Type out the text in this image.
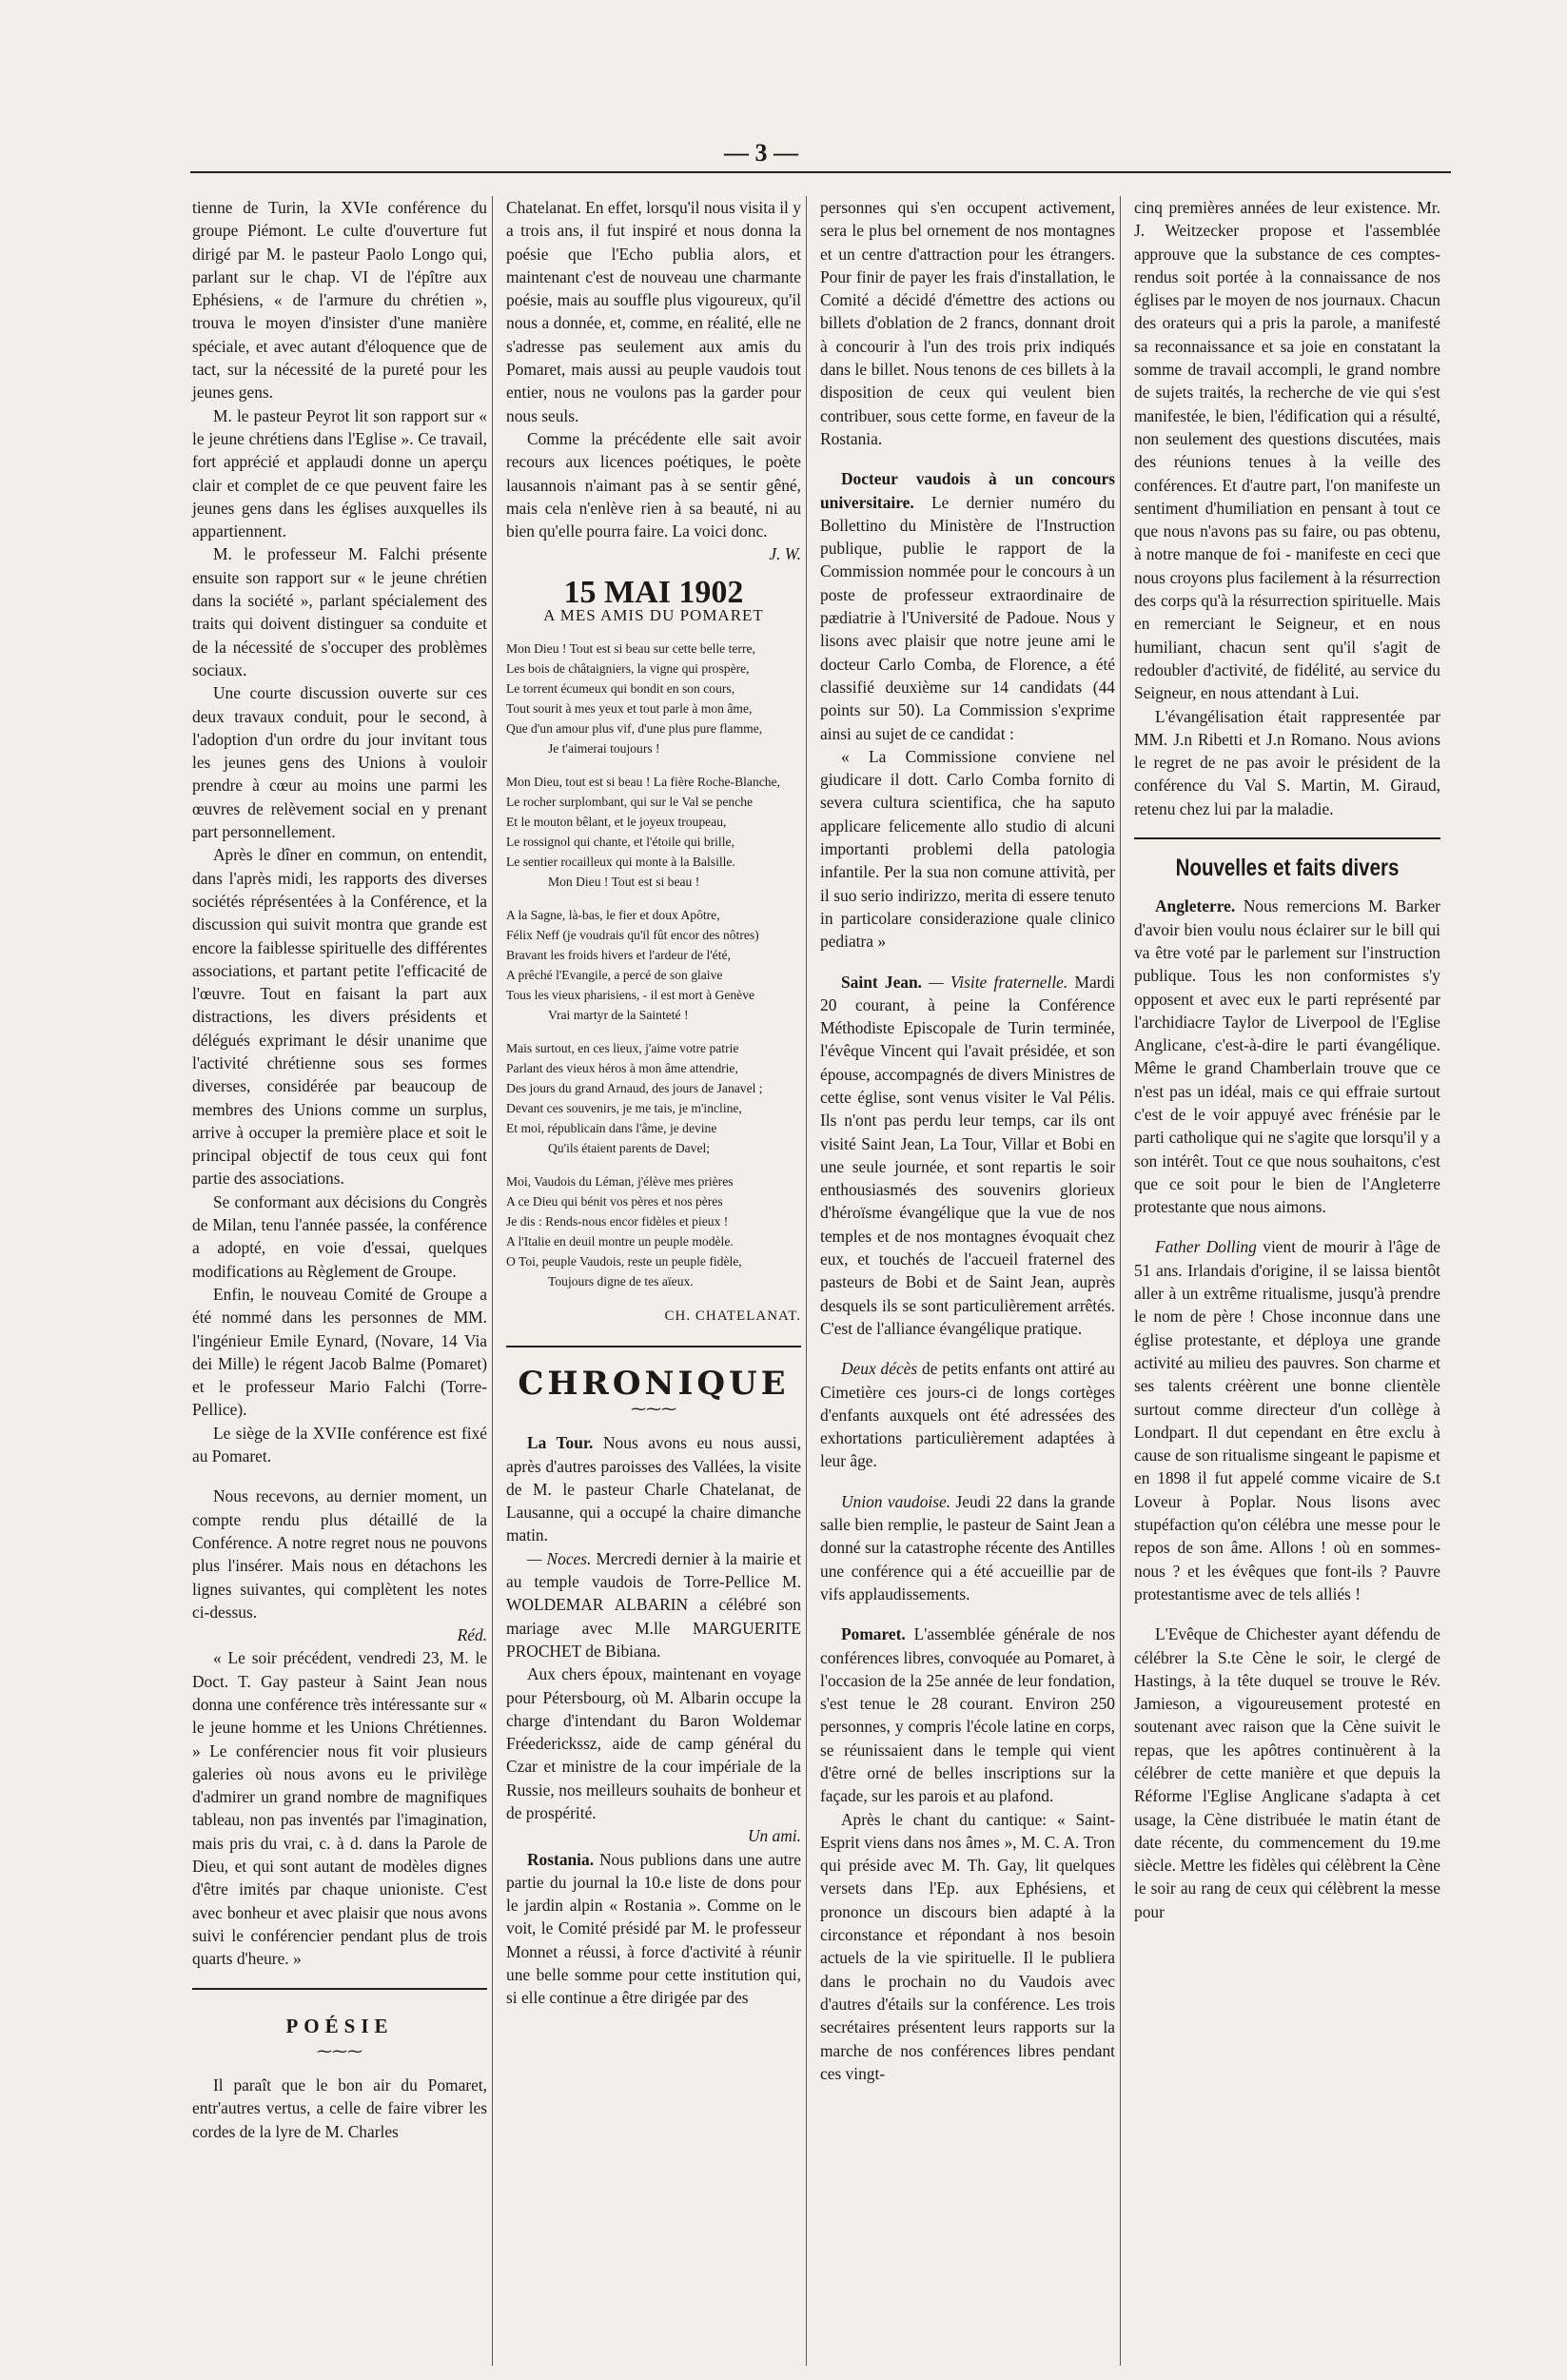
— 3 —

tienne de Turin, la XVIe conférence du groupe Piémont. Le culte d'ouverture fut dirigé par M. le pasteur Paolo Longo qui, parlant sur le chap. VI de l'épître aux Ephésiens, « de l'armure du chrétien », trouva le moyen d'insister d'une manière spéciale, et avec autant d'éloquence que de tact, sur la nécessité de la pureté pour les jeunes gens.

M. le pasteur Peyrot lit son rapport sur « le jeune chrétiens dans l'Eglise ». Ce travail, fort apprécié et applaudi donne un aperçu clair et complet de ce que peuvent faire les jeunes gens dans les églises auxquelles ils appartiennent.

M. le professeur M. Falchi présente ensuite son rapport sur « le jeune chrétien dans la société », parlant spécialement des traits qui doivent distinguer sa conduite et de la nécessité de s'occuper des problèmes sociaux.

Une courte discussion ouverte sur ces deux travaux conduit, pour le second, à l'adoption d'un ordre du jour invitant tous les jeunes gens des Unions à vouloir prendre à cœur au moins une parmi les œuvres de relèvement social en y prenant part personnellement.

Après le dîner en commun, on entendit, dans l'après midi, les rapports des diverses sociétés réprésentées à la Conférence, et la discussion qui suivit montra que grande est encore la faiblesse spirituelle des différentes associations, et partant petite l'efficacité de l'œuvre. Tout en faisant la part aux distractions, les divers présidents et délégués exprimant le désir unanime que l'activité chrétienne sous ses formes diverses, considérée par beaucoup de membres des Unions comme un surplus, arrive à occuper la première place et soit le principal objectif de tous ceux qui font partie des associations.

Se conformant aux décisions du Congrès de Milan, tenu l'année passée, la conférence a adopté, en voie d'essai, quelques modifications au Règlement de Groupe.

Enfin, le nouveau Comité de Groupe a été nommé dans les personnes de MM. l'ingénieur Emile Eynard, (Novare, 14 Via dei Mille) le régent Jacob Balme (Pomaret) et le professeur Mario Falchi (Torre-Pellice).

Le siège de la XVIIe conférence est fixé au Pomaret.

Nous recevons, au dernier moment, un compte rendu plus détaillé de la Conférence. A notre regret nous ne pouvons plus l'insérer. Mais nous en détachons les lignes suivantes, qui complètent les notes ci-dessus.

Réd.

« Le soir précédent, vendredi 23, M. le Doct. T. Gay pasteur à Saint Jean nous donna une conférence très intéressante sur « le jeune homme et les Unions Chrétiennes. » Le conférencier nous fit voir plusieurs galeries où nous avons eu le privilège d'admirer un grand nombre de magnifiques tableau, non pas inventés par l'imagination, mais pris du vrai, c. à d. dans la Parole de Dieu, et qui sont autant de modèles dignes d'être imités par chaque unioniste. C'est avec bonheur et avec plaisir que nous avons suivi le conférencier pendant plus de trois quarts d'heure. »

POÉSIE
⁓⁓⁓

Il paraît que le bon air du Pomaret, entr'autres vertus, a celle de faire vibrer les cordes de la lyre de M. Charles

Chatelanat. En effet, lorsqu'il nous visita il y a trois ans, il fut inspiré et nous donna la poésie que l'Echo publia alors, et maintenant c'est de nouveau une charmante poésie, mais au souffle plus vigoureux, qu'il nous a donnée, et, comme, en réalité, elle ne s'adresse pas seulement aux amis du Pomaret, mais aussi au peuple vaudois tout entier, nous ne voulons pas la garder pour nous seuls.

Comme la précédente elle sait avoir recours aux licences poétiques, le poète lausannois n'aimant pas à se sentir gêné, mais cela n'enlève rien à sa beauté, ni au bien qu'elle pourra faire. La voici donc.

J. W.
15 MAI 1902
A MES AMIS DU POMARET
Mon Dieu ! Tout est si beau sur cette belle terre,
Les bois de châtaigniers, la vigne qui prospère,
Le torrent écumeux qui bondit en son cours,
Tout sourit à mes yeux et tout parle à mon âme,
Que d'un amour plus vif, d'une plus pure flamme,
Je t'aimerai toujours !
Mon Dieu, tout est si beau ! La fière Roche-Blanche,
Le rocher surplombant, qui sur le Val se penche
Et le mouton bêlant, et le joyeux troupeau,
Le rossignol qui chante, et l'étoile qui brille,
Le sentier rocailleux qui monte à la Balsille.
Mon Dieu ! Tout est si beau !
A la Sagne, là-bas, le fier et doux Apôtre,
Félix Neff (je voudrais qu'il fût encor des nôtres)
Bravant les froids hivers et l'ardeur de l'été,
A prêché l'Evangile, a percé de son glaive
Tous les vieux pharisiens, - il est mort à Genève
Vrai martyr de la Sainteté !
Mais surtout, en ces lieux, j'aime votre patrie
Parlant des vieux héros à mon âme attendrie,
Des jours du grand Arnaud, des jours de Janavel ;
Devant ces souvenirs, je me tais, je m'incline,
Et moi, républicain dans l'âme, je devine
Qu'ils étaient parents de Davel;
Moi, Vaudois du Léman, j'élève mes prières
A ce Dieu qui bénit vos pères et nos pères
Je dis : Rends-nous encor fidèles et pieux !
A l'Italie en deuil montre un peuple modèle.
O Toi, peuple Vaudois, reste un peuple fidèle,
Toujours digne de tes aïeux.
CH. CHATELANAT.
CHRONIQUE
⁓⁓⁓

La Tour. Nous avons eu nous aussi, après d'autres paroisses des Vallées, la visite de M. le pasteur Charle Chatelanat, de Lausanne, qui a occupé la chaire dimanche matin.

— Noces. Mercredi dernier à la mairie et au temple vaudois de Torre-Pellice M. WOLDEMAR ALBARIN a célébré son mariage avec M.lle MARGUERITE PROCHET de Bibiana.

Aux chers époux, maintenant en voyage pour Pétersbourg, où M. Albarin occupe la charge d'intendant du Baron Woldemar Fréederickssz, aide de camp général du Czar et ministre de la cour impériale de la Russie, nos meilleurs souhaits de bonheur et de prospérité.

Un ami.

Rostania. Nous publions dans une autre partie du journal la 10.e liste de dons pour le jardin alpin « Rostania ». Comme on le voit, le Comité présidé par M. le professeur Monnet a réussi, à force d'activité à réunir une belle somme pour cette institution qui, si elle continue a être dirigée par des

personnes qui s'en occupent activement, sera le plus bel ornement de nos montagnes et un centre d'attraction pour les étrangers. Pour finir de payer les frais d'installation, le Comité a décidé d'émettre des actions ou billets d'oblation de 2 francs, donnant droit à concourir à l'un des trois prix indiqués dans le billet. Nous tenons de ces billets à la disposition de ceux qui veulent bien contribuer, sous cette forme, en faveur de la Rostania.

Docteur vaudois à un concours universitaire. Le dernier numéro du Bollettino du Ministère de l'Instruction publique, publie le rapport de la Commission nommée pour le concours à un poste de professeur extraordinaire de pædiatrie à l'Université de Padoue. Nous y lisons avec plaisir que notre jeune ami le docteur Carlo Comba, de Florence, a été classifié deuxième sur 14 candidats (44 points sur 50). La Commission s'exprime ainsi au sujet de ce candidat :

« La Commissione conviene nel giudicare il dott. Carlo Comba fornito di severa cultura scientifica, che ha saputo applicare felicemente allo studio di alcuni importanti problemi della patologia infantile. Per la sua non comune attività, per il suo serio indirizzo, merita di essere tenuto in particolare considerazione quale clinico pediatra »

Saint Jean. — Visite fraternelle. Mardi 20 courant, à peine la Conférence Méthodiste Episcopale de Turin terminée, l'évêque Vincent qui l'avait présidée, et son épouse, accompagnés de divers Ministres de cette église, sont venus visiter le Val Pélis. Ils n'ont pas perdu leur temps, car ils ont visité Saint Jean, La Tour, Villar et Bobi en une seule journée, et sont repartis le soir enthousiasmés des souvenirs glorieux d'héroïsme évangélique que la vue de nos temples et de nos montagnes évoquait chez eux, et touchés de l'accueil fraternel des pasteurs de Bobi et de Saint Jean, auprès desquels ils se sont particulièrement arrêtés. C'est de l'alliance évangélique pratique.

Deux décès de petits enfants ont attiré au Cimetière ces jours-ci de longs cortèges d'enfants auxquels ont été adressées des exhortations particulièrement adaptées à leur âge.

Union vaudoise. Jeudi 22 dans la grande salle bien remplie, le pasteur de Saint Jean a donné sur la catastrophe récente des Antilles une conférence qui a été accueillie par de vifs applaudissements.

Pomaret. L'assemblée générale de nos conférences libres, convoquée au Pomaret, à l'occasion de la 25e année de leur fondation, s'est tenue le 28 courant. Environ 250 personnes, y compris l'école latine en corps, se réunissaient dans le temple qui vient d'être orné de belles inscriptions sur la façade, sur les parois et au plafond.

Après le chant du cantique: « Saint-Esprit viens dans nos âmes », M. C. A. Tron qui préside avec M. Th. Gay, lit quelques versets dans l'Ep. aux Ephésiens, et prononce un discours bien adapté à la circonstance et répondant à nos besoin actuels de la vie spirituelle. Il le publiera dans le prochain no du Vaudois avec d'autres d'étails sur la conférence. Les trois secrétaires présentent leurs rapports sur la marche de nos conférences libres pendant ces vingt-

cinq premières années de leur existence. Mr. J. Weitzecker propose et l'assemblée approuve que la substance de ces comptes-rendus soit portée à la connaissance de nos églises par le moyen de nos journaux. Chacun des orateurs qui a pris la parole, a manifesté sa reconnaissance et sa joie en constatant la somme de travail accompli, le grand nombre de sujets traités, la recherche de vie qui s'est manifestée, le bien, l'édification qui a résulté, non seulement des questions discutées, mais des réunions tenues à la veille des conférences. Et d'autre part, l'on manifeste un sentiment d'humiliation en pensant à tout ce que nous n'avons pas su faire, ou pas obtenu, à notre manque de foi - manifeste en ceci que nous croyons plus facilement à la résurrection des corps qu'à la résurrection spirituelle. Mais en remerciant le Seigneur, et en nous humiliant, chacun sent qu'il s'agit de redoubler d'activité, de fidélité, au service du Seigneur, en nous attendant à Lui.

L'évangélisation était rappresentée par MM. J.n Ribetti et J.n Romano. Nous avions le regret de ne pas avoir le président de la conférence du Val S. Martin, M. Giraud, retenu chez lui par la maladie.

Nouvelles et faits divers

Angleterre. Nous remercions M. Barker d'avoir bien voulu nous éclairer sur le bill qui va être voté par le parlement sur l'instruction publique. Tous les non conformistes s'y opposent et avec eux le parti représenté par l'archidiacre Taylor de Liverpool de l'Eglise Anglicane, c'est-à-dire le parti évangélique. Même le grand Chamberlain trouve que ce n'est pas un idéal, mais ce qui effraie surtout c'est de le voir appuyé avec frénésie par le parti catholique qui ne s'agite que lorsqu'il y a son intérêt. Tout ce que nous souhaitons, c'est que ce soit pour le bien de l'Angleterre protestante que nous aimons.

Father Dolling vient de mourir à l'âge de 51 ans. Irlandais d'origine, il se laissa bientôt aller à un extrême ritualisme, jusqu'à prendre le nom de père ! Chose inconnue dans une église protestante, et déploya une grande activité au milieu des pauvres. Son charme et ses talents créèrent une bonne clientèle surtout comme directeur d'un collège à Londpart. Il dut cependant en être exclu à cause de son ritualisme singeant le papisme et en 1898 il fut appelé comme vicaire de S.t Loveur à Poplar. Nous lisons avec stupéfaction qu'on célébra une messe pour le repos de son âme. Allons ! où en sommes-nous ? et les évêques que font-ils ? Pauvre protestantisme avec de tels alliés !

L'Evêque de Chichester ayant défendu de célébrer la S.te Cène le soir, le clergé de Hastings, à la tête duquel se trouve le Rév. Jamieson, a vigoureusement protesté en soutenant avec raison que la Cène suivit le repas, que les apôtres continuèrent à la célébrer de cette manière et que depuis la Réforme l'Eglise Anglicane s'adapta à cet usage, la Cène distribuée le matin étant de date récente, du commencement du 19.me siècle. Mettre les fidèles qui célèbrent la Cène le soir au rang de ceux qui célèbrent la messe pour
